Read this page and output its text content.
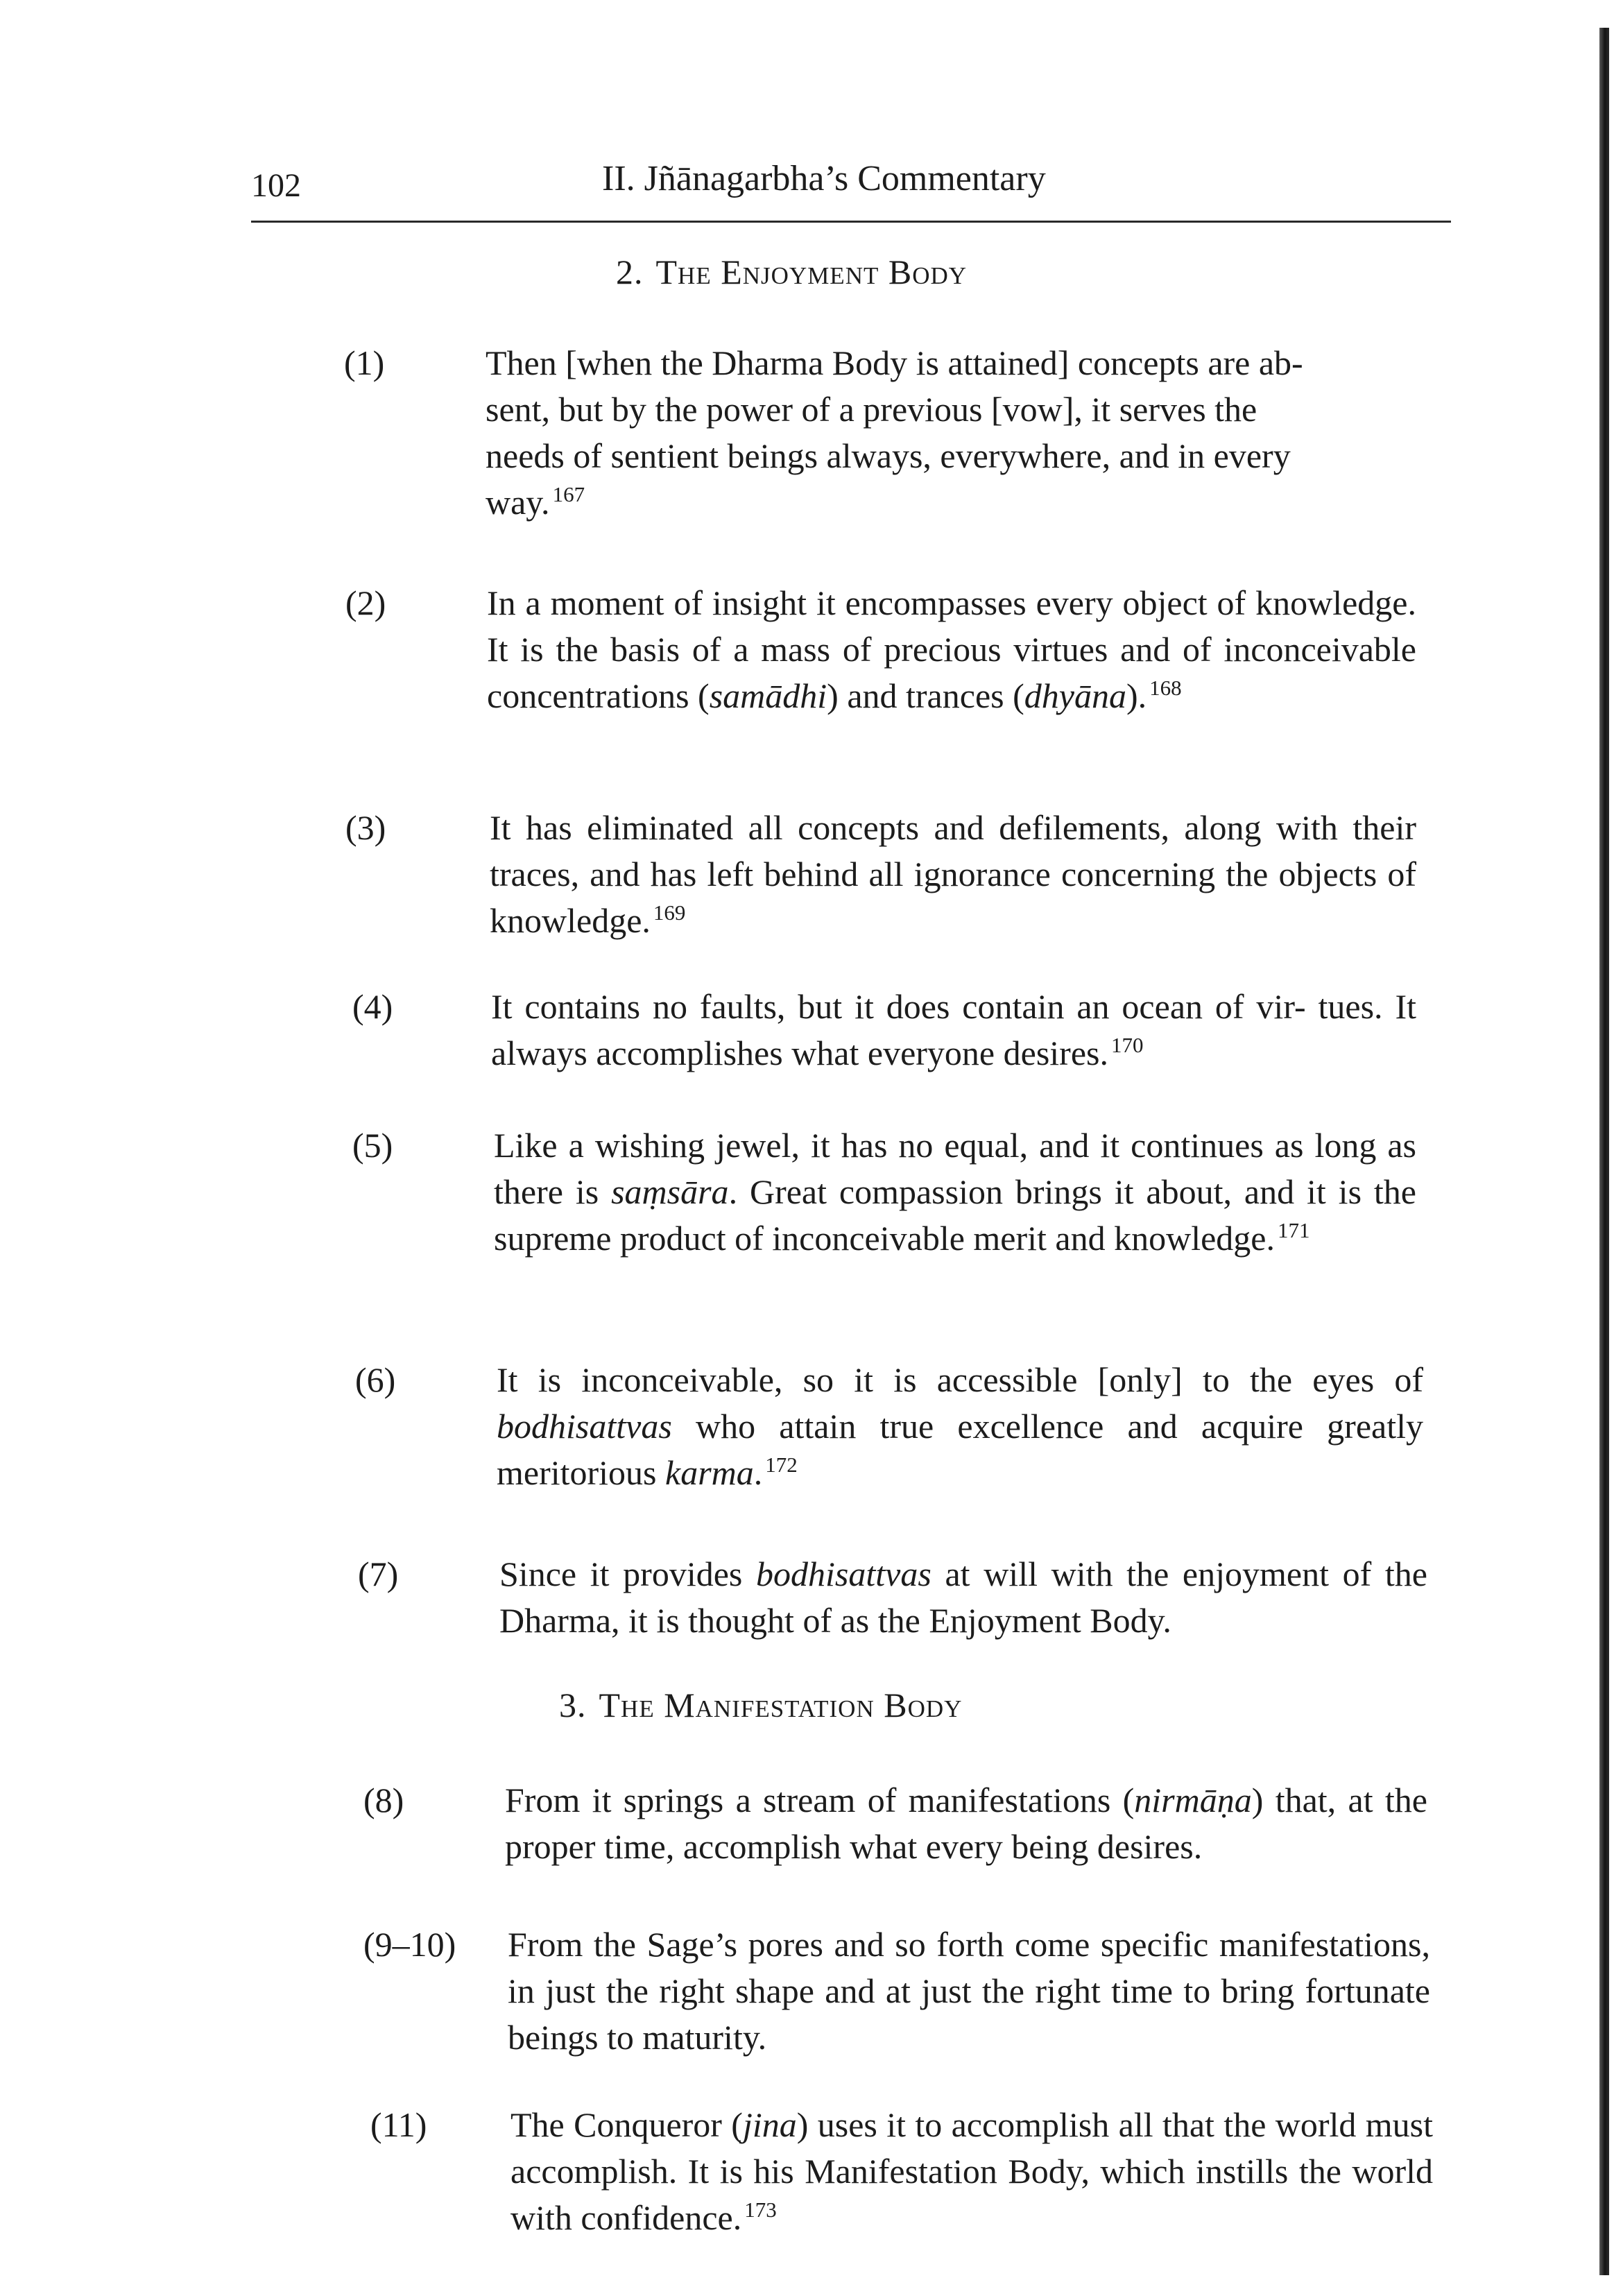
102	II. Jñānagarbha’s Commentary
2. The Enjoyment Body
(1)	Then [when the Dharma Body is attained] concepts are ab-
sent, but by the power of a previous [vow], it serves the
needs of sentient beings always, everywhere, and in every
way. $^{167}$
(2)	In a moment of insight it encompasses every object of knowledge. It is the basis of a mass of precious virtues and of inconceivable concentrations (samādhi) and trances (dhyāna). $^{168}$
(3)	It has eliminated all concepts and defilements, along with their traces, and has left behind all ignorance concerning the objects of knowledge. $^{169}$
(4)	It contains no faults, but it does contain an ocean of vir- tues. It always accomplishes what everyone desires. $^{170}$
(5)	Like a wishing jewel, it has no equal, and it continues as long as there is saṃsāra. Great compassion brings it about, and it is the supreme product of inconceivable merit and knowledge. $^{171}$
(6)	It is inconceivable, so it is accessible [only] to the eyes of bodhisattvas who attain true excellence and acquire greatly meritorious karma. $^{172}$
(7)	Since it provides bodhisattvas at will with the enjoyment of the Dharma, it is thought of as the Enjoyment Body.
3. The Manifestation Body
(8)	From it springs a stream of manifestations (nirmāṇa) that, at the proper time, accomplish what every being desires.
(9–10) From the Sage’s pores and so forth come specific manifestations, in just the right shape and at just the right time to bring fortunate beings to maturity.
(11) The Conqueror (jina) uses it to accomplish all that the world must accomplish. It is his Manifestation Body, which instills the world with confidence. $^{173}$
